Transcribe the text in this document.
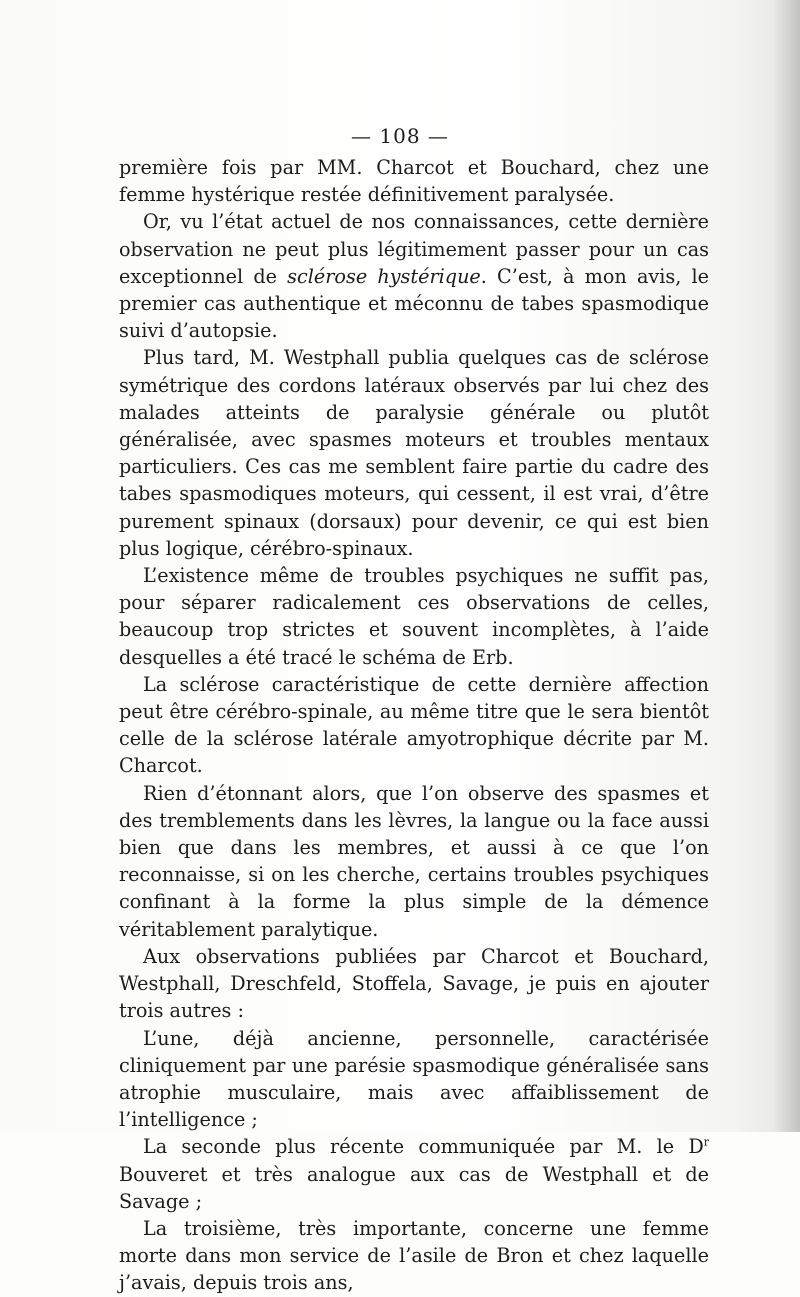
— 108 —

première fois par MM. Charcot et Bouchard, chez une femme hystérique restée définitivement paralysée.

Or, vu l’état actuel de nos connaissances, cette dernière observation ne peut plus légitimement passer pour un cas exceptionnel de sclérose hystérique. C’est, à mon avis, le premier cas authentique et méconnu de tabes spasmodique suivi d’autopsie.

Plus tard, M. Westphall publia quelques cas de sclérose symétrique des cordons latéraux observés par lui chez des malades atteints de paralysie générale ou plutôt généralisée, avec spasmes moteurs et troubles mentaux particuliers. Ces cas me semblent faire partie du cadre des tabes spasmodiques moteurs, qui cessent, il est vrai, d’être purement spinaux (dorsaux) pour devenir, ce qui est bien plus logique, cérébro-spinaux.

L’existence même de troubles psychiques ne suffit pas, pour séparer radicalement ces observations de celles, beaucoup trop strictes et souvent incomplètes, à l’aide desquelles a été tracé le schéma de Erb.

La sclérose caractéristique de cette dernière affection peut être cérébro-spinale, au même titre que le sera bientôt celle de la sclérose latérale amyotrophique décrite par M. Charcot.

Rien d’étonnant alors, que l’on observe des spasmes et des tremblements dans les lèvres, la langue ou la face aussi bien que dans les membres, et aussi à ce que l’on reconnaisse, si on les cherche, certains troubles psychiques confinant à la forme la plus simple de la démence véritablement paralytique.

Aux observations publiées par Charcot et Bouchard, Westphall, Dreschfeld, Stoffela, Savage, je puis en ajouter trois autres :

L’une, déjà ancienne, personnelle, caractérisée cliniquement par une parésie spasmodique généralisée sans atrophie musculaire, mais avec affaiblissement de l’intelligence ;

La seconde plus récente communiquée par M. le $D^r$ Bouveret et très analogue aux cas de Westphall et de Savage ;

La troisième, très importante, concerne une femme morte dans mon service de l’asile de Bron et chez laquelle j’avais, depuis trois ans,
